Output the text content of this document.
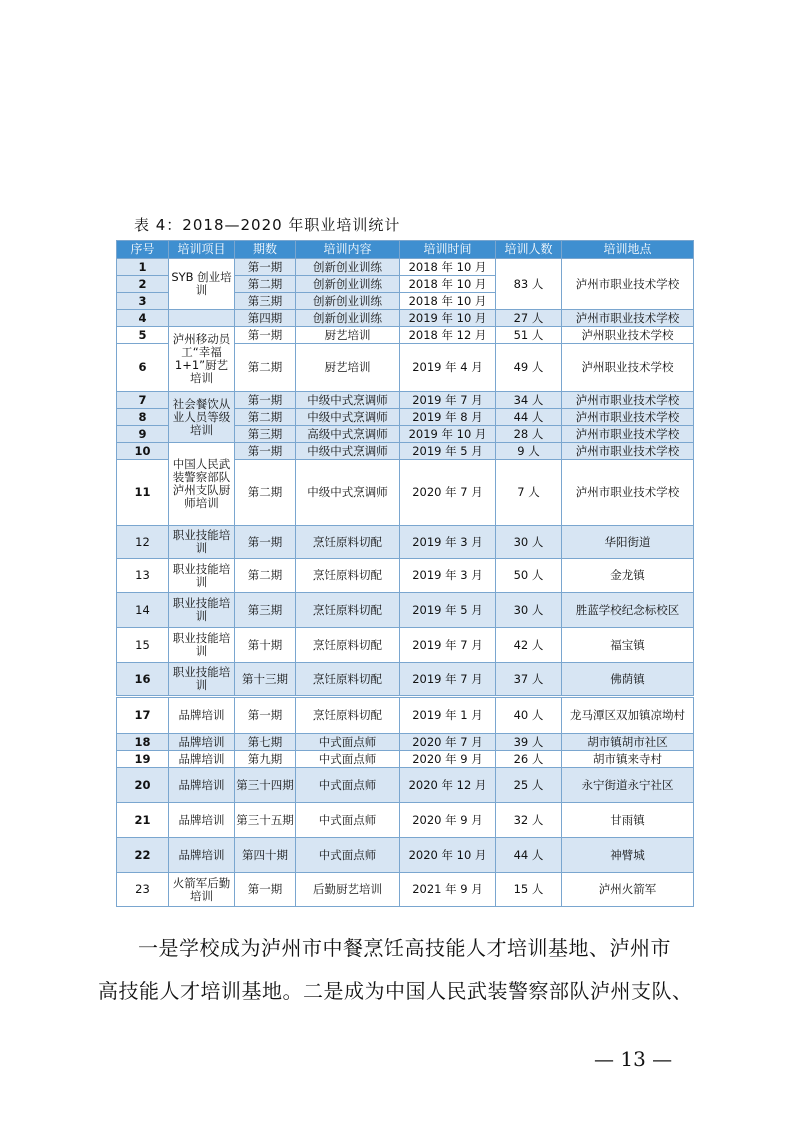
表 4：2018—2020 年职业培训统计
序号	培训项目	期数	培训内容	培训时间	培训人数	培训地点
1	SYB 创业培训	第一期	创新创业训练	2018 年 10 月	83 人	泸州市职业技术学校
2		第二期	创新创业训练	2018 年 10 月		
3		第三期	创新创业训练	2018 年 10 月		
4		第四期	创新创业训练	2019 年 10 月	27 人	泸州市职业技术学校
5	泸州移动员工“幸福 1+1”厨艺培训	第一期	厨艺培训	2018 年 12 月	51 人	泸州职业技术学校
6		第二期	厨艺培训	2019 年 4 月	49 人	泸州职业技术学校
7	社会餐饮从业人员等级培训	第一期	中级中式烹调师	2019 年 7 月	34 人	泸州市职业技术学校
8		第二期	中级中式烹调师	2019 年 8 月	44 人	泸州市职业技术学校
9		第三期	高级中式烹调师	2019 年 10 月	28 人	泸州市职业技术学校
10	中国人民武装警察部队泸州支队厨师培训	第一期	中级中式烹调师	2019 年 5 月	9 人	泸州市职业技术学校
11		第二期	中级中式烹调师	2020 年 7 月	7 人	泸州市职业技术学校
12	职业技能培训	第一期	烹饪原料切配	2019 年 3 月	30 人	华阳街道
13	职业技能培训	第二期	烹饪原料切配	2019 年 3 月	50 人	金龙镇
14	职业技能培训	第三期	烹饪原料切配	2019 年 5 月	30 人	胜蓝学校纪念标校区
15	职业技能培训	第十期	烹饪原料切配	2019 年 7 月	42 人	福宝镇
16	职业技能培训	第十三期	烹饪原料切配	2019 年 7 月	37 人	佛荫镇
17	品牌培训	第一期	烹饪原料切配	2019 年 1 月	40 人	龙马潭区双加镇凉坳村
18	品牌培训	第七期	中式面点师	2020 年 7 月	39 人	胡市镇胡市社区
19	品牌培训	第九期	中式面点师	2020 年 9 月	26 人	胡市镇来寺村
20	品牌培训	第三十四期	中式面点师	2020 年 12 月	25 人	永宁街道永宁社区
21	品牌培训	第三十五期	中式面点师	2020 年 9 月	32 人	甘雨镇
22	品牌培训	第四十期	中式面点师	2020 年 10 月	44 人	神臂城
23	火箭军后勤培训	第一期	后勤厨艺培训	2021 年 9 月	15 人	泸州火箭军
一是学校成为泸州市中餐烹饪高技能人才培训基地、泸州市
高技能人才培训基地。二是成为中国人民武装警察部队泸州支队、
— 13 —
